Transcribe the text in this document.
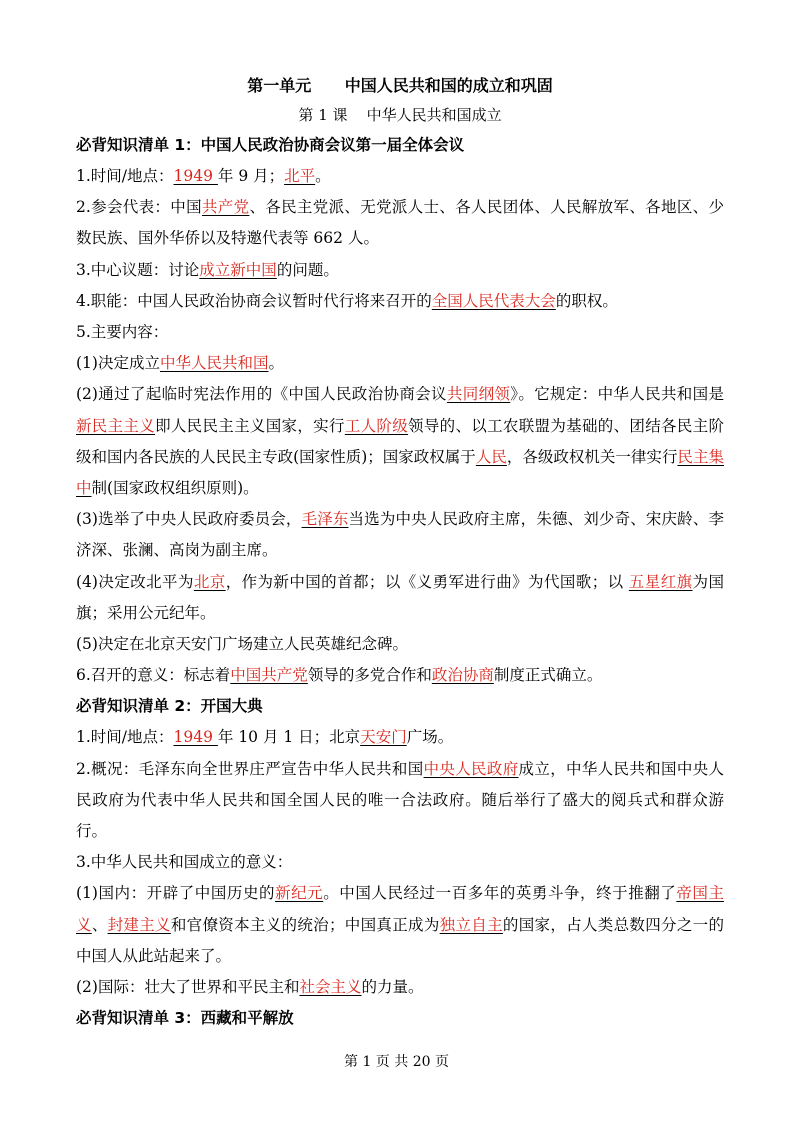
第一单元      中国人民共和国的成立和巩固
第 1 课    中华人民共和国成立
必背知识清单 1：中国人民政治协商会议第一届全体会议

1.时间/地点：1949 年 9 月；北平。

2.参会代表：中国共产党、各民主党派、无党派人士、各人民团体、人民解放军、各地区、少数民族、国外华侨以及特邀代表等 662 人。

3.中心议题：讨论成立新中国的问题。

4.职能：中国人民政治协商会议暂时代行将来召开的全国人民代表大会的职权。

5.主要内容：

(1)决定成立中华人民共和国。

(2)通过了起临时宪法作用的《中国人民政治协商会议共同纲领》。它规定：中华人民共和国是新民主主义即人民民主主义国家，实行工人阶级领导的、以工农联盟为基础的、团结各民主阶级和国内各民族的人民民主专政(国家性质)；国家政权属于人民，各级政权机关一律实行民主集中制(国家政权组织原则)。

(3)选举了中央人民政府委员会，毛泽东当选为中央人民政府主席，朱德、刘少奇、宋庆龄、李济深、张澜、高岗为副主席。

(4)决定改北平为北京，作为新中国的首都；以《义勇军进行曲》为代国歌；以 五星红旗为国旗；采用公元纪年。

(5)决定在北京天安门广场建立人民英雄纪念碑。

6.召开的意义：标志着中国共产党领导的多党合作和政治协商制度正式确立。

必背知识清单 2：开国大典

1.时间/地点：1949 年 10 月 1 日；北京天安门广场。

2.概况：毛泽东向全世界庄严宣告中华人民共和国中央人民政府成立，中华人民共和国中央人民政府为代表中华人民共和国全国人民的唯一合法政府。随后举行了盛大的阅兵式和群众游行。

3.中华人民共和国成立的意义：

(1)国内：开辟了中国历史的新纪元。中国人民经过一百多年的英勇斗争，终于推翻了帝国主义、封建主义和官僚资本主义的统治；中国真正成为独立自主的国家，占人类总数四分之一的中国人从此站起来了。

(2)国际：壮大了世界和平民主和社会主义的力量。

必背知识清单 3：西藏和平解放
第 1 页 共 20 页
